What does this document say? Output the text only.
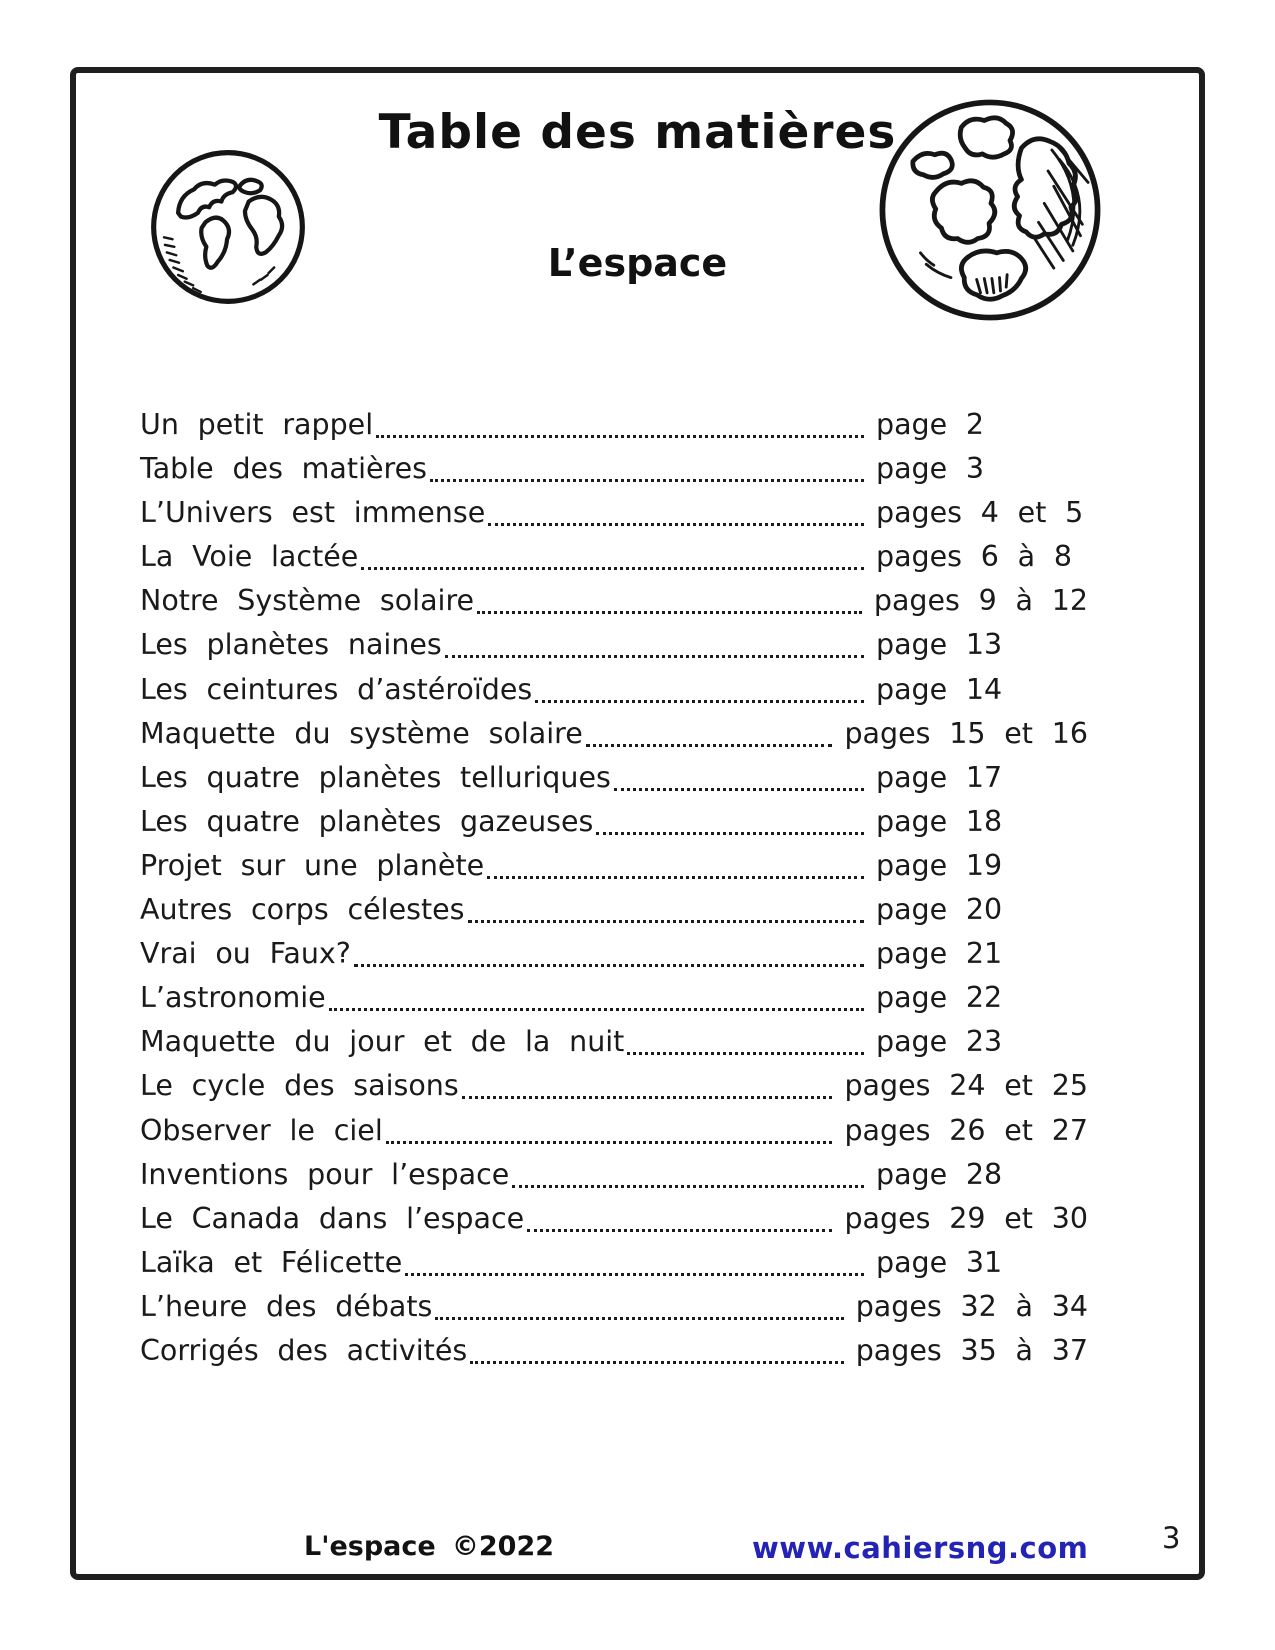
Table des matières
L’espace
Un petit rappel	page 2
Table des matières	page 3
L’Univers est immense	pages 4 et 5
La Voie lactée	pages 6 à 8
Notre Système solaire	pages 9 à 12
Les planètes naines	page 13
Les ceintures d’astéroïdes	page 14
Maquette du système solaire	pages 15 et 16
Les quatre planètes telluriques	page 17
Les quatre planètes gazeuses	page 18
Projet sur une planète	page 19
Autres corps célestes	page 20
Vrai ou Faux?	page 21
L’astronomie	page 22
Maquette du jour et de la nuit	page 23
Le cycle des saisons	pages 24 et 25
Observer le ciel	pages 26 et 27
Inventions pour l’espace	page 28
Le Canada dans l’espace	pages 29 et 30
Laïka et Félicette	page 31
L’heure des débats	pages 32 à 34
Corrigés des activités	pages 35 à 37
L'espace ©2022	www.cahiersng.com	3
